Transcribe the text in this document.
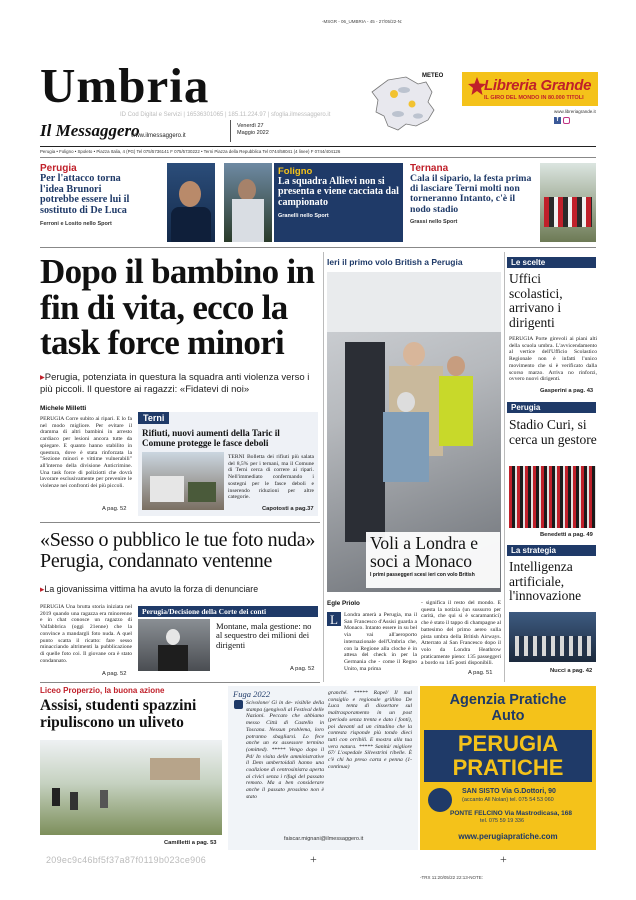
-MSGR - 06_UMBRIA - 45 - 27/05/22-N:
Umbria
Il Messaggero
www.ilmessaggero.it
ID Cod Digital e Servizi | 16536301065 | 185.11.224.97 | sfoglia.ilmessaggero.it
Venerdì 27
Maggio 2022
METEO
Libreria Grande
IL GIRO DEL MONDO IN 80.000 TITOLI
www.libreriagrande.it
f
Perugia • Foligno • Spoleto • Piazza Italia, 4 (PG) Tel 075/5736141 F 075/5730222 • Terni Piazza della Repubblica Tel 0744/58041 (4 linee) F 0744/404126
Perugia
Per l'attacco torna l'idea Brunori potrebbe essere lui il sostituto di De Luca
Ferroni e Losito nello Sport
Foligno
La squadra Allievi non si presenta e viene cacciata dal campionato
Granelli nello Sport
Ternana
Cala il sipario, la festa prima di lasciare Terni molti non torneranno Intanto, c'è il nodo stadio
Grassi nello Sport
Dopo il bambino in fin di vita, ecco la task force minori
▸Perugia, potenziata in questura la squadra anti violenza verso i più piccoli. Il questore ai ragazzi: «Fidatevi di noi»
Michele Milletti
PERUGIA Corre subito ai ripari. E lo fa nel modo migliore. Per evitare il dramma di altri bambini in arresto cardiaco per lesioni ancora tutte da spiegare. E quanto hanno stabilito in questura, dove è stata rinforzata la "Sezione minori e vittime vulnerabili" all'interno della divisione Anticrimine. Una task force di poliziotti che dovrà lavorare esclusivamente per prevenire le violenze nei confronti dei più piccoli.
A pag. 52
Terni
Rifiuti, nuovi aumenti della Taric il Comune protegge le fasce deboli
TERNI Bolletta dei rifiuti più salata del 8,5% per i ternani, ma il Comune di Terni cerca di correre ai ripari. Nell'immediato confermando i sostegni per le fasce deboli e inserendo riduzioni per altre categorie.
Capotosti a pag.37
Ieri il primo volo British a Perugia
Voli a Londra e soci a Monaco
I primi passeggeri scesi ieri con volo British
Egle Priolo
L	Londra amerà a Perugia, ma il San Francesco d'Assisi guarda a Monaco. Intanto essere in su bel via vai all'aeroporto internazionale dell'Umbria che, con la Regione alla cloche è in attesa del check in per la Germania che - come il Regno Unito, ma prima
- significa il resto del mondo. E questa la notizia (un sussurro per carità, che qui si è scaramantici) che è stato il tappo di champagne al battesimo del primo aereo sulla pista umbra della British Airways. Atterrato al San Francesco dopo il volo da Londra Heathrow praticamente pieno: 135 passeggeri a bordo su 145 posti disponibili.
A pag. 51
«Sesso o pubblico le tue foto nuda» Perugia, condannato ventenne
▸La giovanissima vittima ha avuto la forza di denunciare
PERUGIA Una brutta storia iniziata nel 2019 quando una ragazza era minorenne e in chat conosce un ragazzo di Valfabbrica (oggi 21enne) che la convince a mandargli foto nuda. A quel punto scatta il ricatto: fare sesso minacciando altrimenti la pubblicazione di quelle foto coi. Il giovane ora è stato condannato.
A pag. 52
Perugia/Decisione della Corte dei conti
Montane, mala gestione: no al sequestro dei milioni dei dirigenti
A pag. 52
Le scelte
Uffici scolastici, arrivano i dirigenti
PERUGIA Porte girevoli ai piani alti della scuola umbra. L'avvicendamento al vertice dell'Ufficio Scolastico Regionale non è infatti l'unico movimento che si è verificato dalla scorso marzo. Arriva no rinforzi, ovvero nuovi dirigenti.
Gasperini a pag. 43
Perugia
Stadio Curi, si cerca un gestore
Benedetti a pag. 49
La strategia
Intelligenza artificiale, l'innovazione
Nucci a pag. 42
Liceo Properzio, la buona azione
Assisi, studenti spazzini ripuliscono un uliveto
Camilletti a pag. 53
Fuga 2022
Scivolone/ Gi in de- visibile della stampa (gengivoli al Festival delle Nazioni. Peccato che abbiamo messo Città di Castello in Toscana. Nessun problema, loro potranno sbagliarsi. Lo fece anche un ex assessore termino (omitted). ***** Vengo dopo il Pd/ In visita delle amministrative il Dem umbertoidali hanno una coalizione di centrosinistra aperta ai civici senza i rifugi del passato remoto. Ma a ben considerare anche il passato prossimo non è stato
granché. ***** Rapel/ Il mal consiglio e regionale grillino De Luca tenta di dissertare sul maltrasporamento in un post (periodo senza trenta e dato i fonti), poi davanti ad un cittadino che la contesta risponde più tondo dieci tutti con orribili. E mostra alla tua vera natura. ***** Sanità/ migliore 67/ L'ospedale Silvestrini ribelle. È c'è chi ha preso carta e penna (1-continua)
faiscar.mignani@ilmessaggero.it
Agenzia Pratiche Auto
PERUGIA
PRATICHE
SAN SISTO Via G.Dottori, 90
(accanto All Nolan) tel. 075 54 53 060
PONTE FELCINO Via Mastrodicasa, 168
tel. 075 59 19 336
www.perugiapratiche.com
209ec9c46bf5f37a87f0119b023ce906	+	+
-TRX 11:20/05/22 22:13-NOTE:
